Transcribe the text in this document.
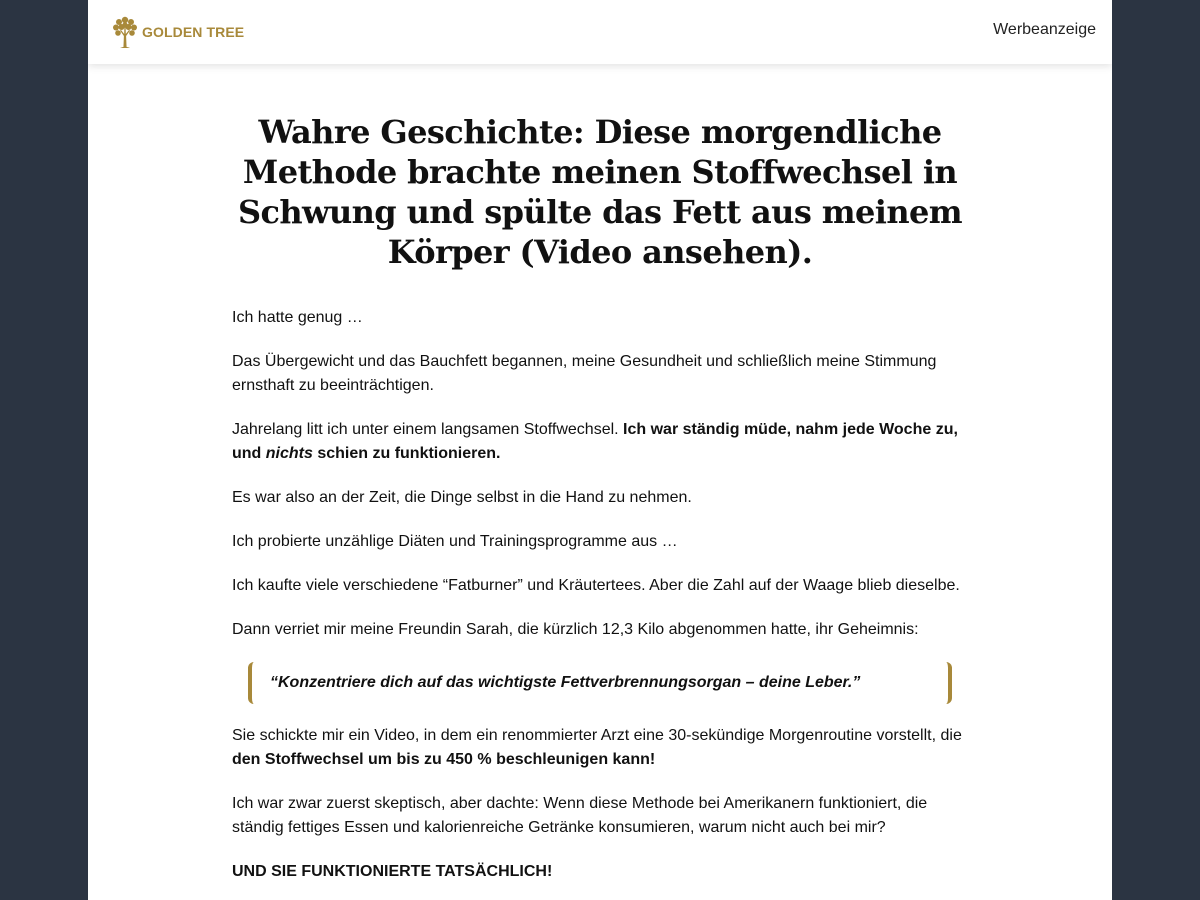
GOLDEN TREE	Werbeanzeige
Wahre Geschichte: Diese morgendliche Methode brachte meinen Stoffwechsel in Schwung und spülte das Fett aus meinem Körper (Video ansehen).

Ich hatte genug …

Das Übergewicht und das Bauchfett begannen, meine Gesundheit und schließlich meine Stimmung ernsthaft zu beeinträchtigen.

Jahrelang litt ich unter einem langsamen Stoffwechsel. Ich war ständig müde, nahm jede Woche zu, und nichts schien zu funktionieren.

Es war also an der Zeit, die Dinge selbst in die Hand zu nehmen.

Ich probierte unzählige Diäten und Trainingsprogramme aus …

Ich kaufte viele verschiedene “Fatburner” und Kräutertees. Aber die Zahl auf der Waage blieb dieselbe.

Dann verriet mir meine Freundin Sarah, die kürzlich 12,3 Kilo abgenommen hatte, ihr Geheimnis:

“Konzentriere dich auf das wichtigste Fettverbrennungsorgan – deine Leber.”

Sie schickte mir ein Video, in dem ein renommierter Arzt eine 30-sekündige Morgenroutine vorstellt, die den Stoffwechsel um bis zu 450 % beschleunigen kann!

Ich war zwar zuerst skeptisch, aber dachte: Wenn diese Methode bei Amerikanern funktioniert, die ständig fettiges Essen und kalorienreiche Getränke konsumieren, warum nicht auch bei mir?

UND SIE FUNKTIONIERTE TATSÄCHLICH!
